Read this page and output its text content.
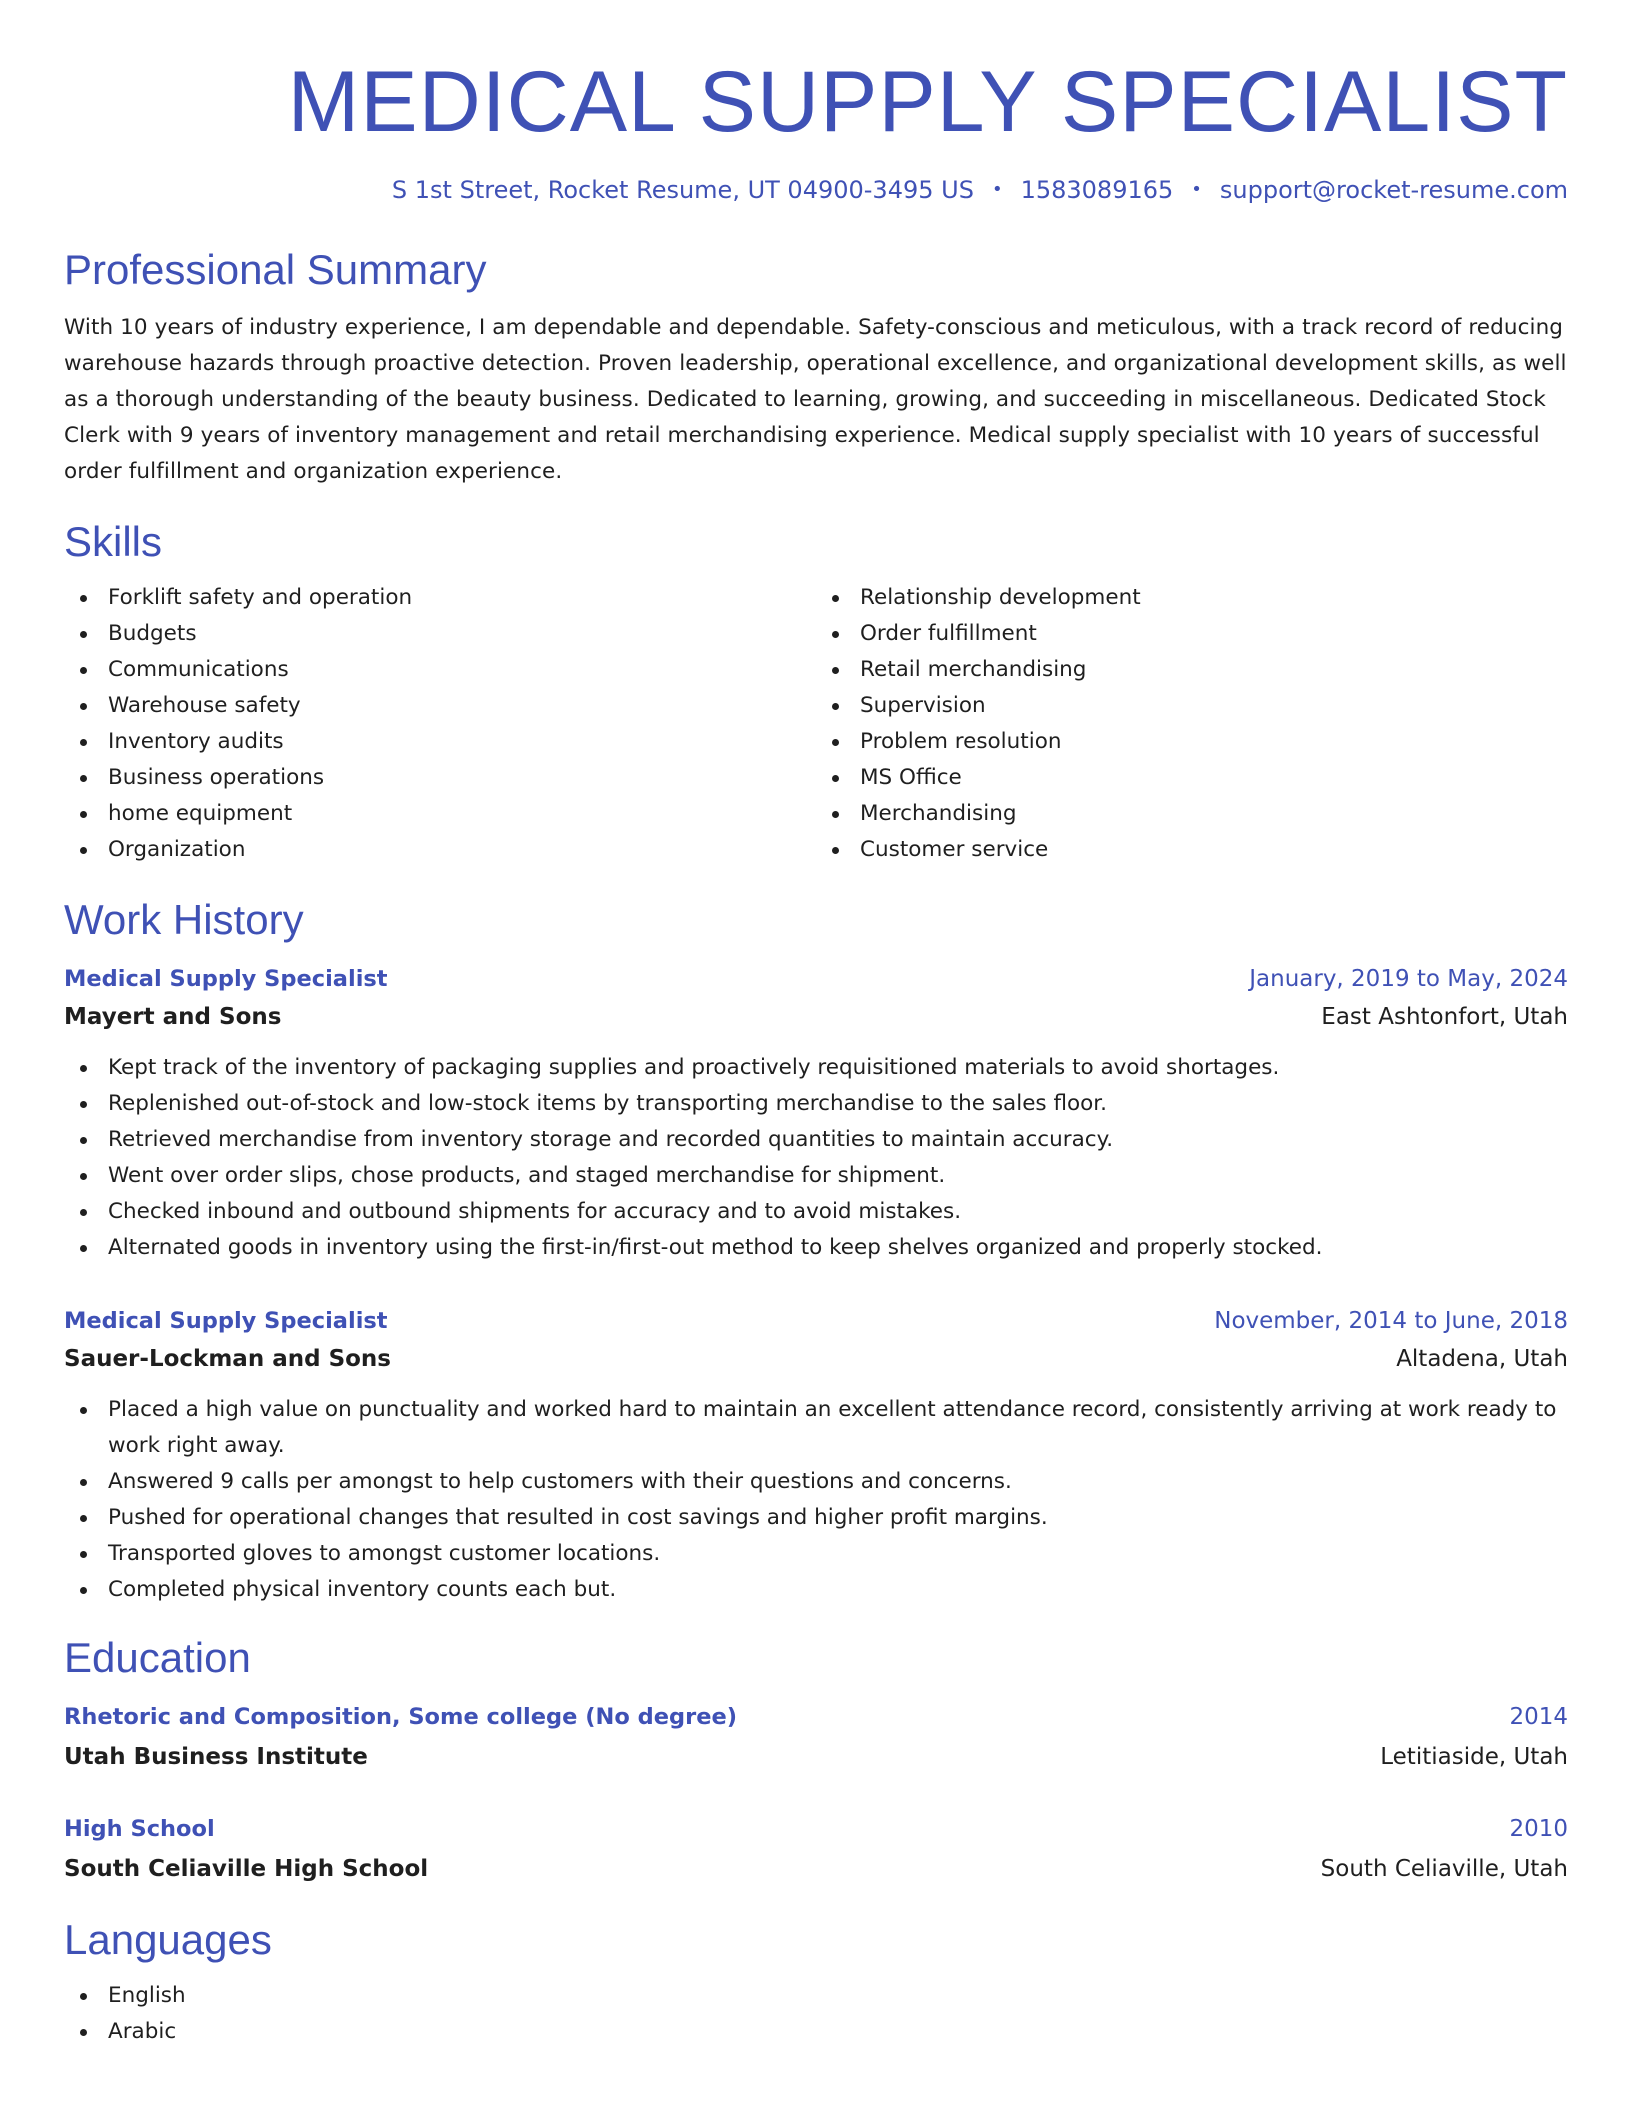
MEDICAL SUPPLY SPECIALIST
S 1st Street, Rocket Resume, UT 04900-3495 US • 1583089165 • support@rocket-resume.com
Professional Summary

With 10 years of industry experience, I am dependable and dependable. Safety-conscious and meticulous, with a track record of reducing warehouse hazards through proactive detection. Proven leadership, operational excellence, and organizational development skills, as well as a thorough understanding of the beauty business. Dedicated to learning, growing, and succeeding in miscellaneous. Dedicated Stock Clerk with 9 years of inventory management and retail merchandising experience. Medical supply specialist with 10 years of successful order fulfillment and organization experience.

Skills
Forklift safety and operation
Budgets
Communications
Warehouse safety
Inventory audits
Business operations
home equipment
Organization
Relationship development
Order fulfillment
Retail merchandising
Supervision
Problem resolution
MS Office
Merchandising
Customer service
Work History
Medical Supply Specialist	January, 2019 to May, 2024
Mayert and Sons	East Ashtonfort, Utah
Kept track of the inventory of packaging supplies and proactively requisitioned materials to avoid shortages.
Replenished out-of-stock and low-stock items by transporting merchandise to the sales floor.
Retrieved merchandise from inventory storage and recorded quantities to maintain accuracy.
Went over order slips, chose products, and staged merchandise for shipment.
Checked inbound and outbound shipments for accuracy and to avoid mistakes.
Alternated goods in inventory using the first-in/first-out method to keep shelves organized and properly stocked.
Medical Supply Specialist	November, 2014 to June, 2018
Sauer-Lockman and Sons	Altadena, Utah
Placed a high value on punctuality and worked hard to maintain an excellent attendance record, consistently arriving at work ready to work right away.
Answered 9 calls per amongst to help customers with their questions and concerns.
Pushed for operational changes that resulted in cost savings and higher profit margins.
Transported gloves to amongst customer locations.
Completed physical inventory counts each but.
Education
Rhetoric and Composition, Some college (No degree)	2014
Utah Business Institute	Letitiaside, Utah
High School	2010
South Celiaville High School	South Celiaville, Utah
Languages
English
Arabic
